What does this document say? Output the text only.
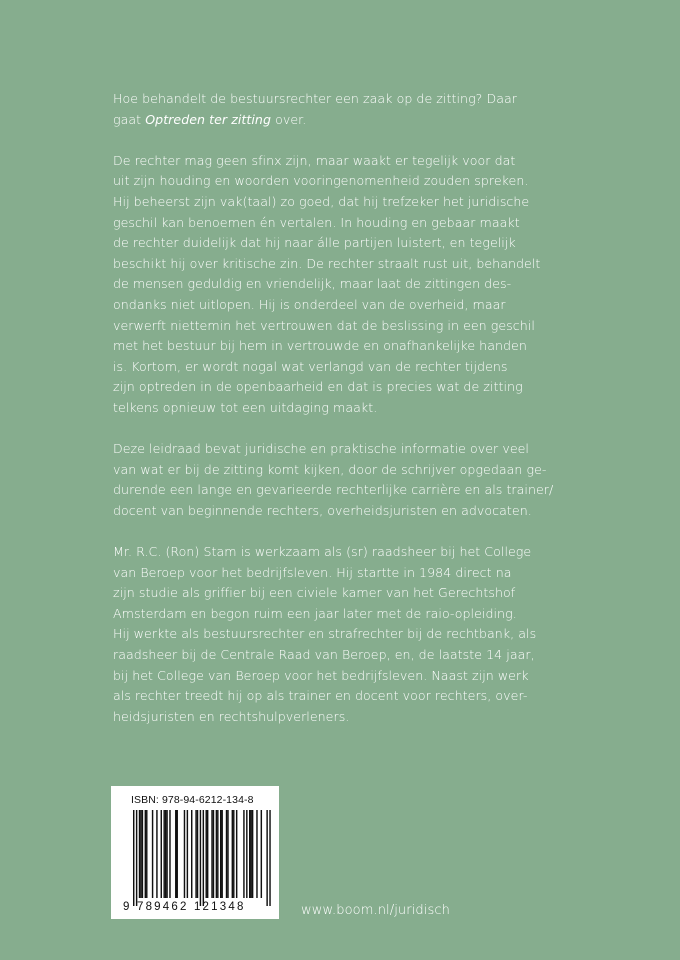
Hoe behandelt de bestuursrechter een zaak op de zitting? Daar
gaat Optreden ter zitting over.

De rechter mag geen sfinx zijn, maar waakt er tegelijk voor dat
uit zijn houding en woorden vooringenomenheid zouden spreken.
Hij beheerst zijn vak(taal) zo goed, dat hij trefzeker het juridische
geschil kan benoemen én vertalen. In houding en gebaar maakt
de rechter duidelijk dat hij naar álle partijen luistert, en tegelijk
beschikt hij over kritische zin. De rechter straalt rust uit, behandelt
de mensen geduldig en vriendelijk, maar laat de zittingen des-
ondanks niet uitlopen. Hij is onderdeel van de overheid, maar
verwerft niettemin het vertrouwen dat de beslissing in een geschil
met het bestuur bij hem in vertrouwde en onafhankelijke handen
is. Kortom, er wordt nogal wat verlangd van de rechter tijdens
zijn optreden in de openbaarheid en dat is precies wat de zitting
telkens opnieuw tot een uitdaging maakt.

Deze leidraad bevat juridische en praktische informatie over veel
van wat er bij de zitting komt kijken, door de schrijver opgedaan ge-
durende een lange en gevarieerde rechterlijke carrière en als trainer/
docent van beginnende rechters, overheidsjuristen en advocaten.

Mr. R.C. (Ron) Stam is werkzaam als (sr) raadsheer bij het College
van Beroep voor het bedrijfsleven. Hij startte in 1984 direct na
zijn studie als griffier bij een civiele kamer van het Gerechtshof
Amsterdam en begon ruim een jaar later met de raio-opleiding.
Hij werkte als bestuursrechter en strafrechter bij de rechtbank, als
raadsheer bij de Centrale Raad van Beroep, en, de laatste 14 jaar,
bij het College van Beroep voor het bedrijfsleven. Naast zijn werk
als rechter treedt hij op als trainer en docent voor rechters, over-
heidsjuristen en rechtshulpverleners.

ISBN: 978-94-6212-134-8
9 789462 121348	www.boom.nl/juridisch
